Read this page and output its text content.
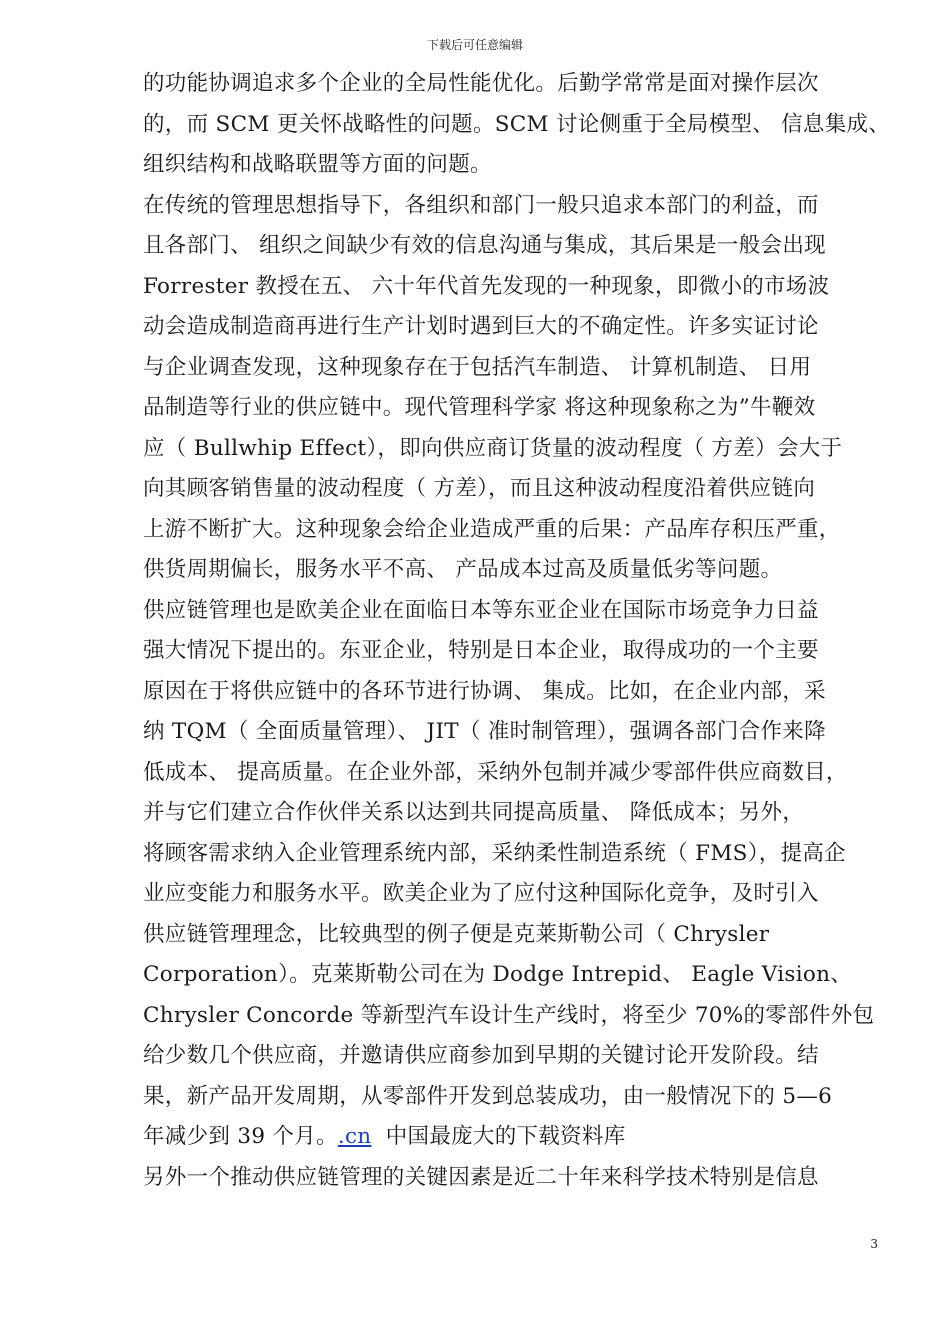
下载后可任意编辑
的功能协调追求多个企业的全局性能优化。后勤学常常是面对操作层次
的，而 SCM 更关怀战略性的问题。SCM 讨论侧重于全局模型、 信息集成、
组织结构和战略联盟等方面的问题。
在传统的管理思想指导下，各组织和部门一般只追求本部门的利益，而
且各部门、 组织之间缺少有效的信息沟通与集成，其后果是一般会出现
Forrester 教授在五、 六十年代首先发现的一种现象，即微小的市场波
动会造成制造商再进行生产计划时遇到巨大的不确定性。许多实证讨论
与企业调查发现，这种现象存在于包括汽车制造、 计算机制造、 日用
品制造等行业的供应链中。现代管理科学家 将这种现象称之为”牛鞭效
应（ Bullwhip Effect），即向供应商订货量的波动程度（ 方差）会大于
向其顾客销售量的波动程度（ 方差），而且这种波动程度沿着供应链向
上游不断扩大。这种现象会给企业造成严重的后果：产品库存积压严重，
供货周期偏长，服务水平不高、 产品成本过高及质量低劣等问题。
供应链管理也是欧美企业在面临日本等东亚企业在国际市场竞争力日益
强大情况下提出的。东亚企业，特别是日本企业，取得成功的一个主要
原因在于将供应链中的各环节进行协调、 集成。比如，在企业内部，采
纳 TQM（ 全面质量管理）、 JIT（ 准时制管理），强调各部门合作来降
低成本、 提高质量。在企业外部，采纳外包制并减少零部件供应商数目，
并与它们建立合作伙伴关系以达到共同提高质量、 降低成本；另外，
将顾客需求纳入企业管理系统内部，采纳柔性制造系统（ FMS），提高企
业应变能力和服务水平。欧美企业为了应付这种国际化竞争，及时引入
供应链管理理念，比较典型的例子便是克莱斯勒公司（ Chrysler
Corporation）。克莱斯勒公司在为 Dodge Intrepid、 Eagle Vision、
Chrysler Concorde 等新型汽车设计生产线时，将至少 70%的零部件外包
给少数几个供应商，并邀请供应商参加到早期的关键讨论开发阶段。结
果，新产品开发周期，从零部件开发到总装成功，由一般情况下的 5—6
年减少到 39 个月。.cn  中国最庞大的下载资料库
另外一个推动供应链管理的关键因素是近二十年来科学技术特别是信息
3
